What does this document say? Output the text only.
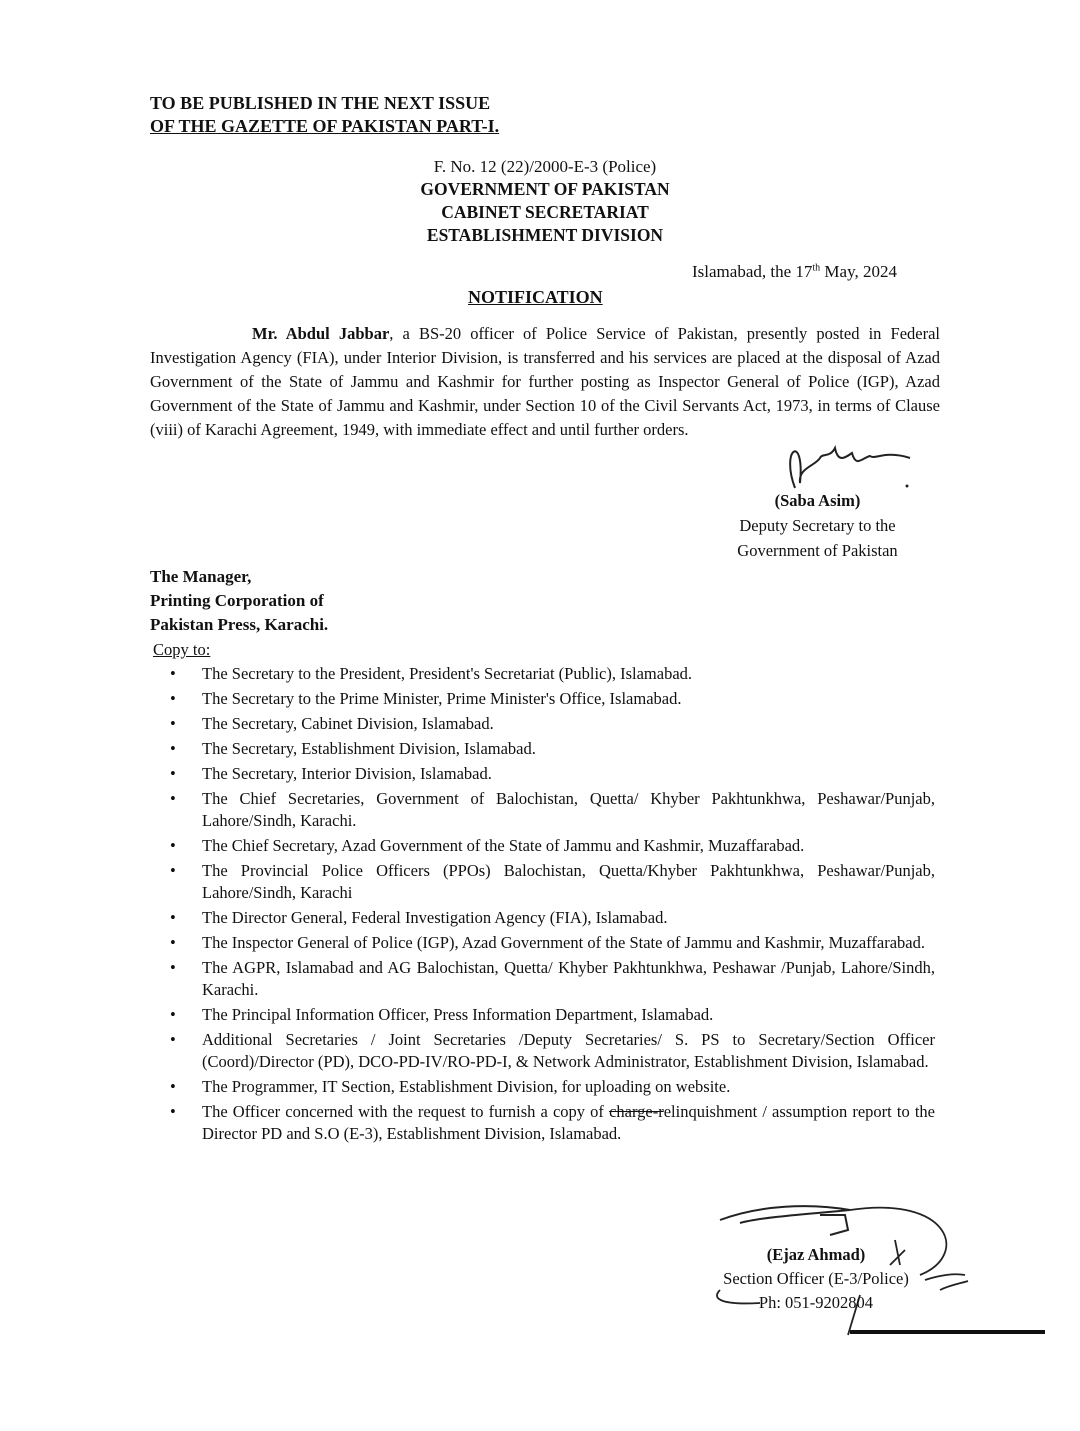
TO BE PUBLISHED IN THE NEXT ISSUE
OF THE GAZETTE OF PAKISTAN PART-I.
F. No. 12 (22)/2000-E-3 (Police)
GOVERNMENT OF PAKISTAN
CABINET SECRETARIAT
ESTABLISHMENT DIVISION
Islamabad, the 17th May, 2024
NOTIFICATION
Mr. Abdul Jabbar, a BS-20 officer of Police Service of Pakistan, presently posted in Federal Investigation Agency (FIA), under Interior Division, is transferred and his services are placed at the disposal of Azad Government of the State of Jammu and Kashmir for further posting as Inspector General of Police (IGP), Azad Government of the State of Jammu and Kashmir, under Section 10 of the Civil Servants Act, 1973, in terms of Clause (viii) of Karachi Agreement, 1949, with immediate effect and until further orders.
(Saba Asim)
Deputy Secretary to the
Government of Pakistan
The Manager,
Printing Corporation of
Pakistan Press, Karachi.
Copy to:
• The Secretary to the President, President's Secretariat (Public), Islamabad.
• The Secretary to the Prime Minister, Prime Minister's Office, Islamabad.
• The Secretary, Cabinet Division, Islamabad.
• The Secretary, Establishment Division, Islamabad.
• The Secretary, Interior Division, Islamabad.
• The Chief Secretaries, Government of Balochistan, Quetta/ Khyber Pakhtunkhwa, Peshawar/Punjab, Lahore/Sindh, Karachi.
• The Chief Secretary, Azad Government of the State of Jammu and Kashmir, Muzaffarabad.
• The Provincial Police Officers (PPOs) Balochistan, Quetta/Khyber Pakhtunkhwa, Peshawar/Punjab, Lahore/Sindh, Karachi
• The Director General, Federal Investigation Agency (FIA), Islamabad.
• The Inspector General of Police (IGP), Azad Government of the State of Jammu and Kashmir, Muzaffarabad.
• The AGPR, Islamabad and AG Balochistan, Quetta/ Khyber Pakhtunkhwa, Peshawar /Punjab, Lahore/Sindh, Karachi.
• The Principal Information Officer, Press Information Department, Islamabad.
• Additional Secretaries / Joint Secretaries /Deputy Secretaries/ S. PS to Secretary/Section Officer (Coord)/Director (PD), DCO-PD-IV/RO-PD-I, & Network Administrator, Establishment Division, Islamabad.
• The Programmer, IT Section, Establishment Division, for uploading on website.
• The Officer concerned with the request to furnish a copy of charge-relinquishment / assumption report to the Director PD and S.O (E-3), Establishment Division, Islamabad.
(Ejaz Ahmad)
Section Officer (E-3/Police)
Ph: 051-9202804
